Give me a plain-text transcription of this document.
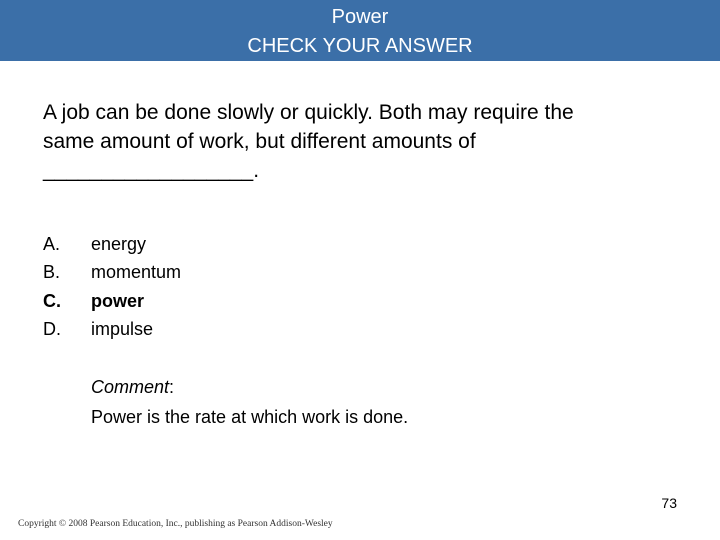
Power
CHECK YOUR ANSWER
A job can be done slowly or quickly. Both may require the
same amount of work, but different amounts of
__________________.
A. energy
B. momentum
C. power
D. impulse
Comment:
Power is the rate at which work is done.
73
Copyright © 2008 Pearson Education, Inc., publishing as Pearson Addison-Wesley
